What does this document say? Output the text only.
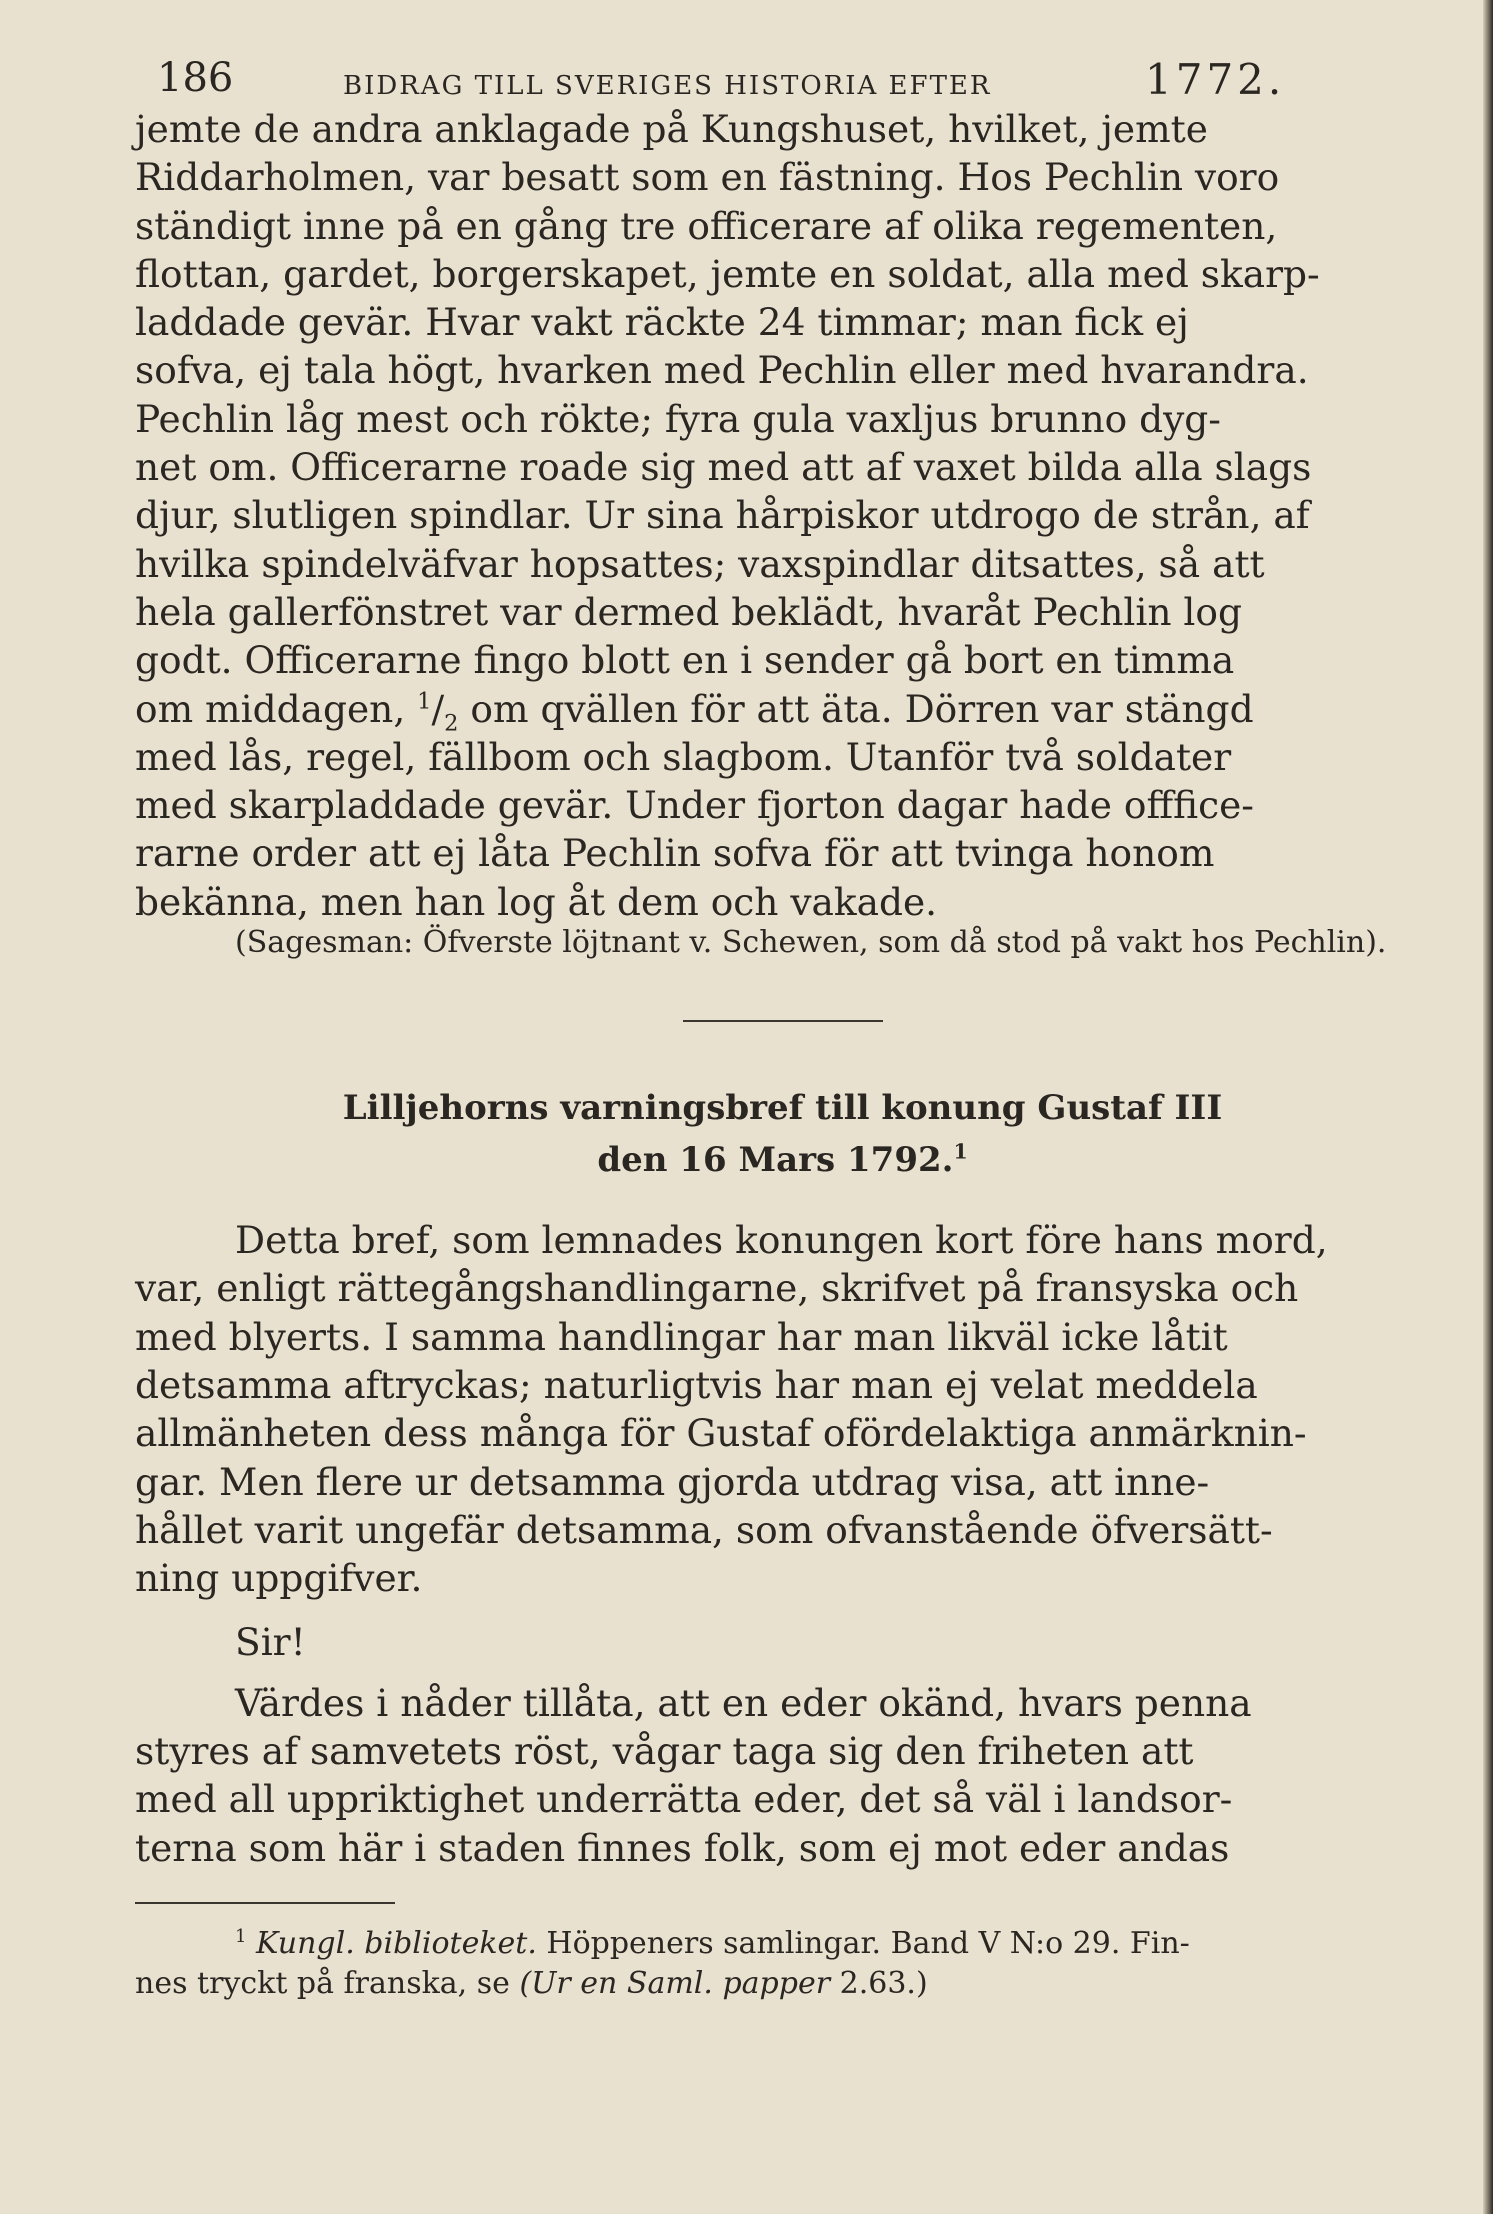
186	BIDRAG TILL SVERIGES HISTORIA EFTER	1772.
jemte de andra anklagade på Kungshuset, hvilket, jemte
Riddarholmen, var besatt som en fästning. Hos Pechlin voro
ständigt inne på en gång tre officerare af olika regementen,
flottan, gardet, borgerskapet, jemte en soldat, alla med skarp-
laddade gevär. Hvar vakt räckte 24 timmar; man fick ej
sofva, ej tala högt, hvarken med Pechlin eller med hvarandra.
Pechlin låg mest och rökte; fyra gula vaxljus brunno dyg-
net om. Officerarne roade sig med att af vaxet bilda alla slags
djur, slutligen spindlar. Ur sina hårpiskor utdrogo de strån, af
hvilka spindelväfvar hopsattes; vaxspindlar ditsattes, så att
hela gallerfönstret var dermed beklädt, hvaråt Pechlin log
godt. Officerarne fingo blott en i sender gå bort en timma
om middagen, $^1/_2$ om qvällen för att äta. Dörren var stängd
med lås, regel, fällbom och slagbom. Utanför två soldater
med skarpladdade gevär. Under fjorton dagar hade offfice-
rarne order att ej låta Pechlin sofva för att tvinga honom
bekänna, men han log åt dem och vakade.

(Sagesman: Öfverste löjtnant v. Schewen, som då stod på vakt hos Pechlin).

Lilljehorns varningsbref till konung Gustaf III
den 16 Mars 1792.$^1$
Detta bref, som lemnades konungen kort före hans mord,
var, enligt rättegångshandlingarne, skrifvet på fransyska och
med blyerts. I samma handlingar har man likväl icke låtit
detsamma aftryckas; naturligtvis har man ej velat meddela
allmänheten dess många för Gustaf ofördelaktiga anmärknin-
gar. Men flere ur detsamma gjorda utdrag visa, att inne-
hållet varit ungefär detsamma, som ofvanstående öfversätt-
ning uppgifver.
Sir!
Värdes i nåder tillåta, att en eder okänd, hvars penna
styres af samvetets röst, vågar taga sig den friheten att
med all uppriktighet underrätta eder, det så väl i landsor-
terna som här i staden finnes folk, som ej mot eder andas
$^1$ Kungl. biblioteket. Höppeners samlingar. Band V N:o 29. Fin-
nes tryckt på franska, se (Ur en Saml. papper 2.63.)
